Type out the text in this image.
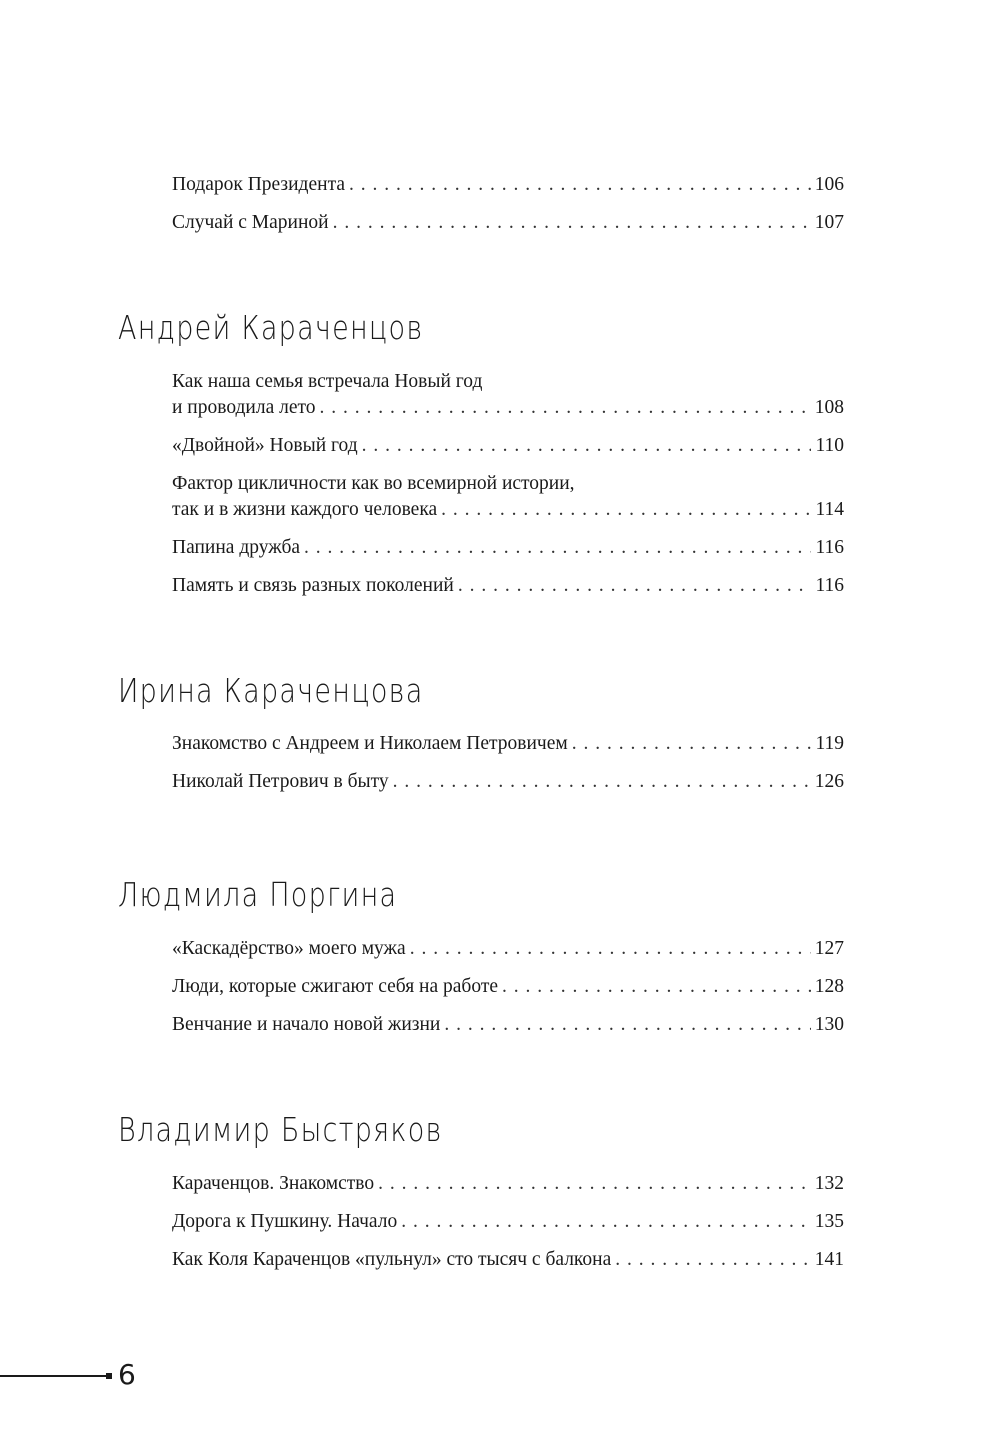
Подарок Президента . . .	106
Случай с Мариной . . .	107
Андрей Караченцов
Как наша семья встречала Новый год
и проводила лето . . .	108
«Двойной» Новый год . . .	110
Фактор цикличности как во всемирной истории,
так и в жизни каждого человека . . .	114
Папина дружба . . .	116
Память и связь разных поколений . . .	116
Ирина Караченцова
Знакомство с Андреем и Николаем Петровичем . . .	119
Николай Петрович в быту . . .	126
Людмила Поргина
«Каскадёрство» моего мужа . . .	127
Люди, которые сжигают себя на работе . . .	128
Венчание и начало новой жизни . . .	130
Владимир Быстряков
Караченцов. Знакомство . . .	132
Дорога к Пушкину. Начало . . .	135
Как Коля Караченцов «пульнул» сто тысяч с балкона . . .	141
6
